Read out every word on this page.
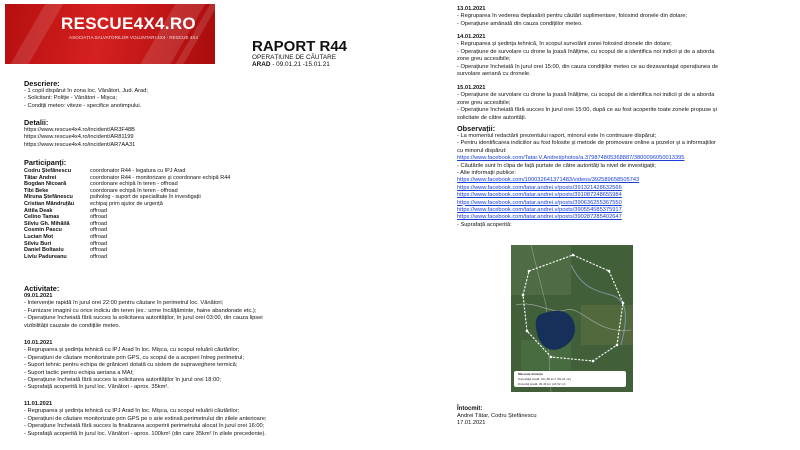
RESCUE4X4.RO
ASOCIAȚIA SALVATORILOR VOLUNTARI 4X4 - RESCUE 4X4
RAPORT R44
OPERAȚIUNE DE CĂUTARE
ARAD - 09.01.21 -15.01.21
Descriere:
- 1 copil dispărut în zona loc. Vânători, Jud. Arad;
- Solicitant: Poliție - Vânători - Mișca;
- Condiții meteo: viteze - specifice anotimpului.
Detalii:
https://www.rescue4x4.ro/incident/AR3F48B
https://www.rescue4x4.ro/incident/AR81199
https://www.rescue4x4.ro/incident/AR7AA31
Participanți:
Codru Ștefănescu	coordonator R44 - legatura cu IPJ Arad
Tătar Andrei	coordonator R44 - monitorizare și coordonare echipă R44
Bogdan Nicoară	coordonare echipă în teren - offroad
Tibi Beke	coordonare echipă în teren - offroad
Miruna Ștefănescu	psiholog - suport de specialitate în investigații
Cristian Mândruțău	echipaj prim ajutor de urgență
Attila Deak	offroad
Celino Tamas	offroad
Silviu Gh. Mihăilă	offroad
Cosmin Pascu	offroad
Lucian Mot	offroad
Silviu Buri	offroad
Daniel Boltasiu	offroad
Liviu Padureanu	offroad
Activitate:
09.01.2021
- Intervenție rapidă în jurul orei 22:00 pentru căutare în perimetrul loc. Vânători;
- Furnizare imagini cu orice indiciu din teren (ex.: urme încălțăminte, haine abandonate etc.);
- Operațiune încheiată fără succes la solicitarea autorităților, în jurul orei 03:00, din cauza lipsei
vizibilității cauzate de condițiile meteo.
10.01.2021
- Regruparea și ședința tehnică cu IPJ Arad în loc. Mișca, cu scopul reluării căutărilor;
- Operațiuni de căutare monitorizate prin GPS, cu scopul de a acoperi întreg perimetrul;
- Suport tehnic pentru echipa de grăniceri dotată cu sistem de supraveghere termică;
- Suport tactic pentru echipa aeriana a MAI;
- Operațiune încheiată fără succes la solicitarea autorităților în jurul orei 18:00;
- Suprafață acoperită în jurul loc. Vânători - aprox. 35km².
11.01.2021
- Regruparea și ședința tehnică cu IPJ Arad în loc. Mișca, cu scopul reluării căutărilor;
- Operațiuni de căutare monitorizate prin GPS pe o arie extinsă perimetrului din zilele anterioare;
- Operațiune încheiată fără succes la finalizarea acoperirii perimetrului alocat în jurul orei 16:00;
- Suprafață acoperită în jurul loc. Vânători - aprox. 100km² (din care 35km² în zilele precedente).
13.01.2021
- Regruparea în vederea deplasării pentru căutări suplimentare, folosind dronele din dotare;
- Operațiune amânată din cauza condițiilor meteo.
14.01.2021
- Regruparea și ședința tehnică, în scopul survolării zonei folosind dronele din dotare;
- Operațiune de survolare cu drone la joasă înălțime, cu scopul de a identifica noi indicii și de a aborda
zone greu accesibile;
- Operațiune încheiată în jurul orei 15:00, din cauza condițiilor meteo ce au dezavantajat operațiunea de
survolare aeriană cu dronele.
15.01.2021
- Operațiune de survolare cu drone la joasă înălțime, cu scopul de a identifica noi indicii și de a aborda
zone greu accesibile;
- Operațiune încheiată fără succes în jurul orei 15:00, după ce au fost acoperite toate zonele propuse și
solicitate de către autorități.
Observații:
- La momentul redactării prezentului raport, minorul este în continuare dispărut;
- Pentru identificarea indiciilor au fost folosite și metode de promovare online a pozelor și a informațiilor
cu minorul dispărut:
https://www.facebook.com/Tatar.V.Andrei/photos/a.379874805368887/3800096050013395
- Căutările sunt în clipa de față purtate de către autorități la nivel de investigații;
- Alte informații publice:
https://www.facebook.com/100032641371483/videos/392589658505743
https://www.facebook.com/tatar.andrei.v/posts/391321428632566
https://www.facebook.com/tatar.andrei.v/posts/391087248655984
https://www.facebook.com/tatar.andrei.v/posts/390636255367550
https://www.facebook.com/tatar.andrei.v/posts/390554585375917
https://www.facebook.com/tatar.andrei.v/posts/390287285402647
- Suprafață acoperită:
Măsurați distanța
Suprafață totală: 101,89 km² (39,34 mi²)
Distanță totală: 39,46 km (24,52 mi)
Întocmit:
Andrei Tătar, Codru Ștefănescu
17.01.2021
